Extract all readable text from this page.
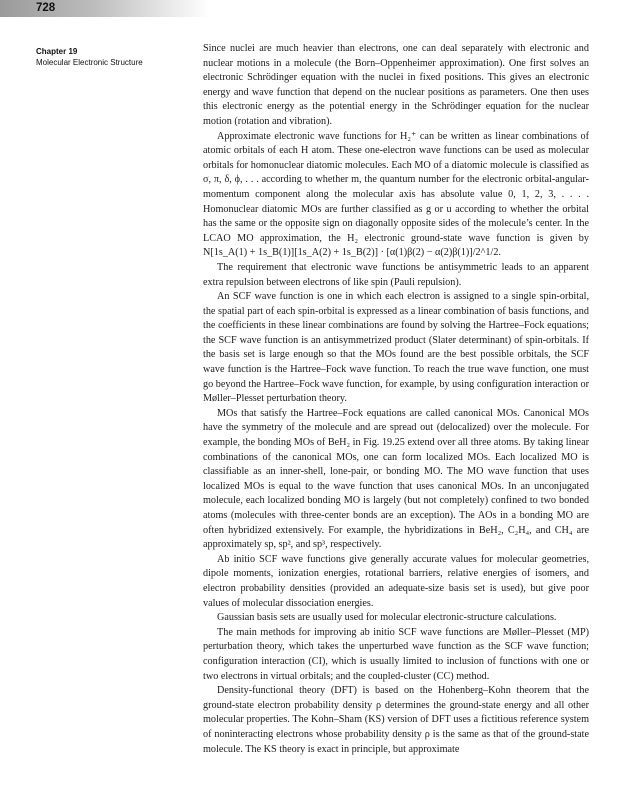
728
Chapter 19
Molecular Electronic Structure

Since nuclei are much heavier than electrons, one can deal separately with electronic and nuclear motions in a molecule (the Born–Oppenheimer approximation). One first solves an electronic Schrödinger equation with the nuclei in fixed positions. This gives an electronic energy and wave function that depend on the nuclear positions as parameters. One then uses this electronic energy as the potential energy in the Schrödinger equation for the nuclear motion (rotation and vibration).

Approximate electronic wave functions for H₂⁺ can be written as linear combinations of atomic orbitals of each H atom. These one-electron wave functions can be used as molecular orbitals for homonuclear diatomic molecules. Each MO of a diatomic molecule is classified as σ, π, δ, ϕ, . . . according to whether m, the quantum number for the electronic orbital-angular-momentum component along the molecular axis has absolute value 0, 1, 2, 3, . . . . Homonuclear diatomic MOs are further classified as g or u according to whether the orbital has the same or the opposite sign on diagonally opposite sides of the molecule’s center. In the LCAO MO approximation, the H₂ electronic ground-state wave function is given by N[1s_A(1) + 1s_B(1)][1s_A(2) + 1s_B(2)] · [α(1)β(2) − α(2)β(1)]/2^1/2.

The requirement that electronic wave functions be antisymmetric leads to an apparent extra repulsion between electrons of like spin (Pauli repulsion).

An SCF wave function is one in which each electron is assigned to a single spin-orbital, the spatial part of each spin-orbital is expressed as a linear combination of basis functions, and the coefficients in these linear combinations are found by solving the Hartree–Fock equations; the SCF wave function is an antisymmetrized product (Slater determinant) of spin-orbitals. If the basis set is large enough so that the MOs found are the best possible orbitals, the SCF wave function is the Hartree–Fock wave function. To reach the true wave function, one must go beyond the Hartree–Fock wave function, for example, by using configuration interaction or Møller–Plesset perturbation theory.

MOs that satisfy the Hartree–Fock equations are called canonical MOs. Canonical MOs have the symmetry of the molecule and are spread out (delocalized) over the molecule. For example, the bonding MOs of BeH₂ in Fig. 19.25 extend over all three atoms. By taking linear combinations of the canonical MOs, one can form localized MOs. Each localized MO is classifiable as an inner-shell, lone-pair, or bonding MO. The MO wave function that uses localized MOs is equal to the wave function that uses canonical MOs. In an unconjugated molecule, each localized bonding MO is largely (but not completely) confined to two bonded atoms (molecules with three-center bonds are an exception). The AOs in a bonding MO are often hybridized extensively. For example, the hybridizations in BeH₂, C₂H₄, and CH₄ are approximately sp, sp², and sp³, respectively.

Ab initio SCF wave functions give generally accurate values for molecular geometries, dipole moments, ionization energies, rotational barriers, relative energies of isomers, and electron probability densities (provided an adequate-size basis set is used), but give poor values of molecular dissociation energies.

Gaussian basis sets are usually used for molecular electronic-structure calculations.

The main methods for improving ab initio SCF wave functions are Møller–Plesset (MP) perturbation theory, which takes the unperturbed wave function as the SCF wave function; configuration interaction (CI), which is usually limited to inclusion of functions with one or two electrons in virtual orbitals; and the coupled-cluster (CC) method.

Density-functional theory (DFT) is based on the Hohenberg–Kohn theorem that the ground-state electron probability density ρ determines the ground-state energy and all other molecular properties. The Kohn–Sham (KS) version of DFT uses a fictitious reference system of noninteracting electrons whose probability density ρ is the same as that of the ground-state molecule. The KS theory is exact in principle, but approximate
